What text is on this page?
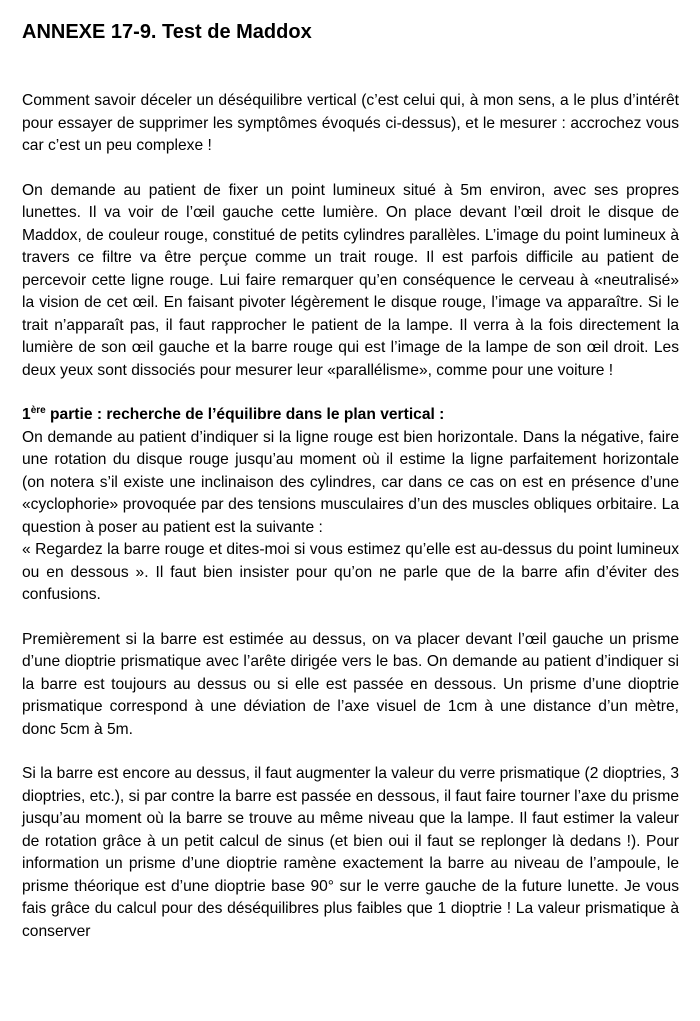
ANNEXE 17-9. Test de Maddox

Comment savoir déceler un déséquilibre vertical (c’est celui qui, à mon sens, a le plus d’intérêt pour essayer de supprimer les symptômes évoqués ci-dessus), et le mesurer : accrochez vous car c’est un peu complexe !

On demande au patient de fixer un point lumineux situé à 5m environ, avec ses propres lunettes. Il va voir de l’œil gauche cette lumière. On place devant l’œil droit le disque de Maddox, de couleur rouge, constitué de petits cylindres parallèles. L’image du point lumineux à travers ce filtre va être perçue comme un trait rouge. Il est parfois difficile au patient de percevoir cette ligne rouge. Lui faire remarquer qu’en conséquence le cerveau à «neutralisé» la vision de cet œil. En faisant pivoter légèrement le disque rouge, l’image va apparaître. Si le trait n’apparaît pas, il faut rapprocher le patient de la lampe. Il verra à la fois directement la lumière de son œil gauche et la barre rouge qui est l’image de la lampe de son œil droit. Les deux yeux sont dissociés pour mesurer leur «parallélisme», comme pour une voiture !

1ère partie : recherche de l’équilibre dans le plan vertical :

On demande au patient d’indiquer si la ligne rouge est bien horizontale. Dans la négative, faire une rotation du disque rouge jusqu’au moment où il estime la ligne parfaitement horizontale (on notera s’il existe une inclinaison des cylindres, car dans ce cas on est en présence d’une «cyclophorie» provoquée par des tensions musculaires d’un des muscles obliques orbitaire. La question à poser au patient est la suivante :

« Regardez la barre rouge et dites-moi si vous estimez qu’elle est au-dessus du point lumineux ou en dessous ». Il faut bien insister pour qu’on ne parle que de la barre afin d’éviter des confusions.

Premièrement si la barre est estimée au dessus, on va placer devant l’œil gauche un prisme d’une dioptrie prismatique avec l’arête dirigée vers le bas. On demande au patient d’indiquer si la barre est toujours au dessus ou si elle est passée en dessous. Un prisme d’une dioptrie prismatique correspond à une déviation de l’axe visuel de 1cm à une distance d’un mètre, donc 5cm à 5m.

Si la barre est encore au dessus, il faut augmenter la valeur du verre prismatique (2 dioptries, 3 dioptries, etc.), si par contre la barre est passée en dessous, il faut faire tourner l’axe du prisme jusqu’au moment où la barre se trouve au même niveau que la lampe. Il faut estimer la valeur de rotation grâce à un petit calcul de sinus (et bien oui il faut se replonger là dedans !). Pour information un prisme d’une dioptrie ramène exactement la barre au niveau de l’ampoule, le prisme théorique est d’une dioptrie base 90° sur le verre gauche de la future lunette. Je vous fais grâce du calcul pour des déséquilibres plus faibles que 1 dioptrie ! La valeur prismatique à conserver
